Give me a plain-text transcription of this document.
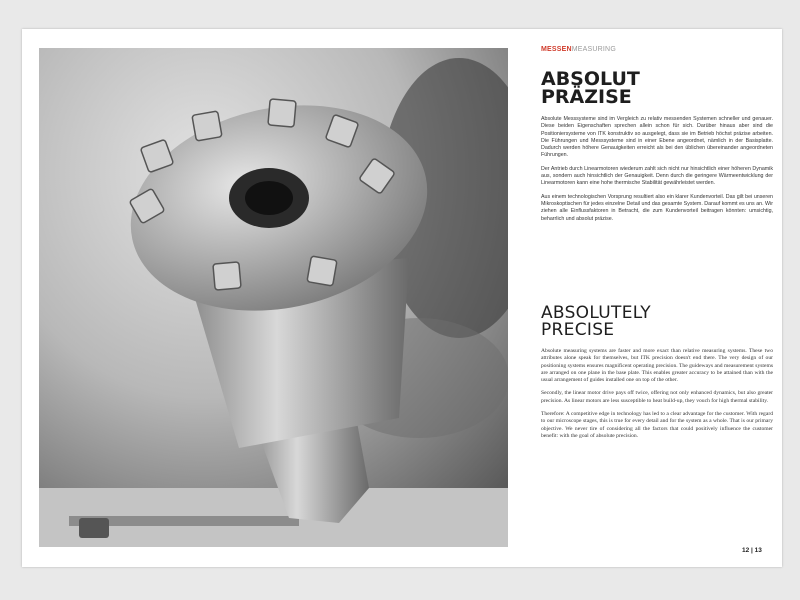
MESSENMEASURING
ABSOLUT
PRÄZISE

Absolute Messsysteme sind im Vergleich zu relativ messenden Systemen schneller und genauer. Diese beiden Eigenschaften sprechen allein schon für sich. Darüber hinaus aber sind die Positioniersysteme von ITK konstruktiv so ausgelegt, dass sie im Betrieb höchst präzise arbeiten. Die Führungen und Messsysteme sind in einer Ebene angeordnet, nämlich in der Basisplatte. Dadurch werden höhere Genauigkeiten erreicht als bei den üblichen übereinander angeordneten Führungen.

Der Antrieb durch Linearmotoren wiederum zahlt sich nicht nur hinsichtlich einer höheren Dynamik aus, sondern auch hinsichtlich der Genauigkeit. Denn durch die geringere Wärmeentwicklung der Linearmotoren kann eine hohe thermische Stabilität gewährleistet werden.

Aus einem technologischen Vorsprung resultiert also ein klarer Kundenvorteil. Das gilt bei unseren Mikroskoptischen für jedes einzelne Detail und das gesamte System. Darauf kommt es uns an. Wir ziehen alle Einflussfaktoren in Betracht, die zum Kundenvorteil beitragen könnten: umsichtig, beharrlich und absolut präzise.

ABSOLUTELY
PRECISE

Absolute measuring systems are faster and more exact than relative measuring systems. These two attributes alone speak for themselves, but ITK precision doesn't end there. The very design of our positioning systems ensures magnificent operating precision. The guideways and measurement systems are arranged on one plane in the base plate. This enables greater accuracy to be attained than with the usual arrangement of guides installed one on top of the other.

Secondly, the linear motor drive pays off twice, offering not only enhanced dynamics, but also greater precision. As linear motors are less susceptible to heat build-up, they vouch for high thermal stability.

Therefore: A competitive edge in technology has led to a clear advantage for the customer. With regard to our microscope stages, this is true for every detail and for the system as a whole. That is our primary objective. We never tire of considering all the factors that could positively influence the customer benefit: with the goal of absolute precision.

12 | 13
